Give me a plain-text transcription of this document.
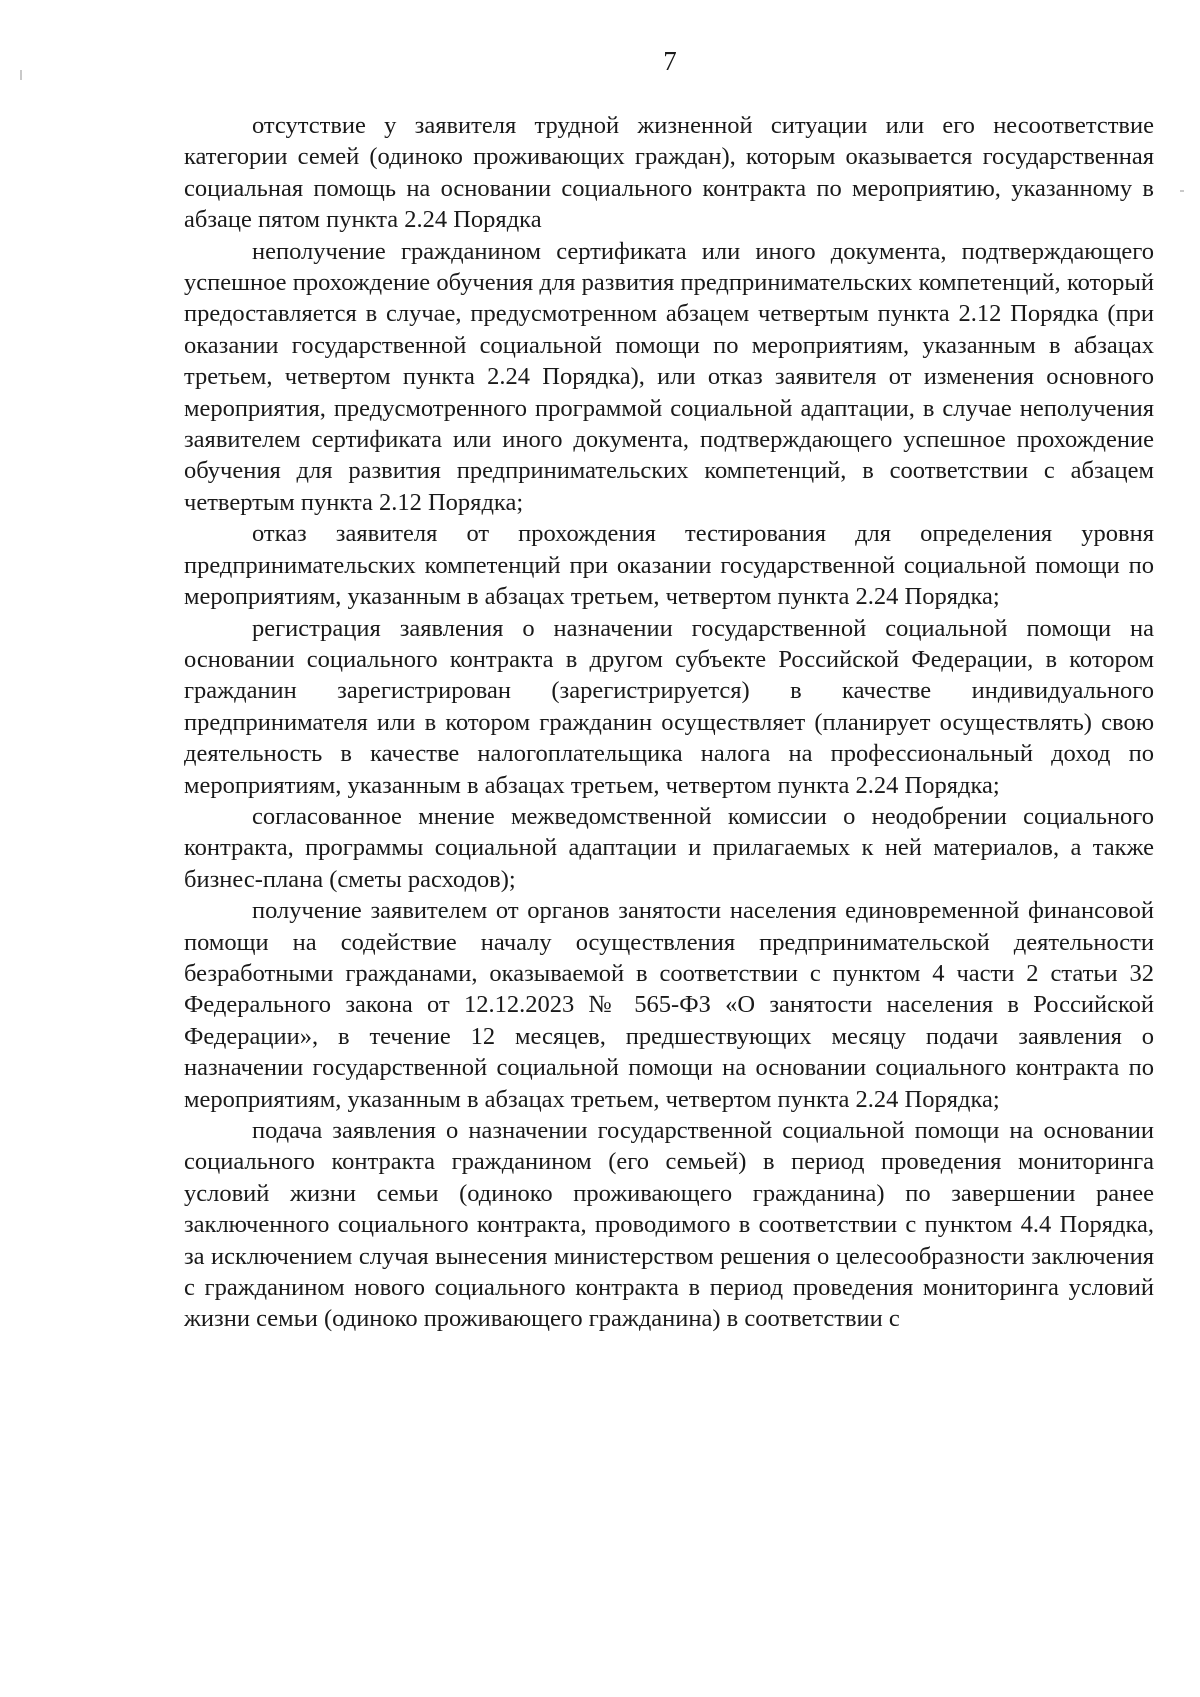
7

отсутствие у заявителя трудной жизненной ситуации или его несоответствие категории семей (одиноко проживающих граждан), которым оказывается государственная социальная помощь на основании социального контракта по мероприятию, указанному в абзаце пятом пункта 2.24 Порядка

неполучение гражданином сертификата или иного документа, подтверждающего успешное прохождение обучения для развития предпринимательских компетенций, который предоставляется в случае, предусмотренном абзацем четвертым пункта 2.12 Порядка (при оказании государственной социальной помощи по мероприятиям, указанным в абзацах третьем, четвертом пункта 2.24 Порядка), или отказ заявителя от изменения основного мероприятия, предусмотренного программой социальной адаптации, в случае неполучения заявителем сертификата или иного документа, подтверждающего успешное прохождение обучения для развития предпринимательских компетенций, в соответствии с абзацем четвертым пункта 2.12 Порядка;

отказ заявителя от прохождения тестирования для определения уровня предпринимательских компетенций при оказании государственной социальной помощи по мероприятиям, указанным в абзацах третьем, четвертом пункта 2.24 Порядка;

регистрация заявления о назначении государственной социальной помощи на основании социального контракта в другом субъекте Российской Федерации, в котором гражданин зарегистрирован (зарегистрируется) в качестве индивидуального предпринимателя или в котором гражданин осуществляет (планирует осуществлять) свою деятельность в качестве налогоплательщика налога на профессиональный доход по мероприятиям, указанным в абзацах третьем, четвертом пункта 2.24 Порядка;

согласованное мнение межведомственной комиссии о неодобрении социального контракта, программы социальной адаптации и прилагаемых к ней материалов, а также бизнес-плана (сметы расходов);

получение заявителем от органов занятости населения единовременной финансовой помощи на содействие началу осуществления предпринимательской деятельности безработными гражданами, оказываемой в соответствии с пунктом 4 части 2 статьи 32 Федерального закона от 12.12.2023 № 565-ФЗ «О занятости населения в Российской Федерации», в течение 12 месяцев, предшествующих месяцу подачи заявления о назначении государственной социальной помощи на основании социального контракта по мероприятиям, указанным в абзацах третьем, четвертом пункта 2.24 Порядка;

подача заявления о назначении государственной социальной помощи на основании социального контракта гражданином (его семьей) в период проведения мониторинга условий жизни семьи (одиноко проживающего гражданина) по завершении ранее заключенного социального контракта, проводимого в соответствии с пунктом 4.4 Порядка, за исключением случая вынесения министерством решения о целесообразности заключения с гражданином нового социального контракта в период проведения мониторинга условий жизни семьи (одиноко проживающего гражданина) в соответствии с
